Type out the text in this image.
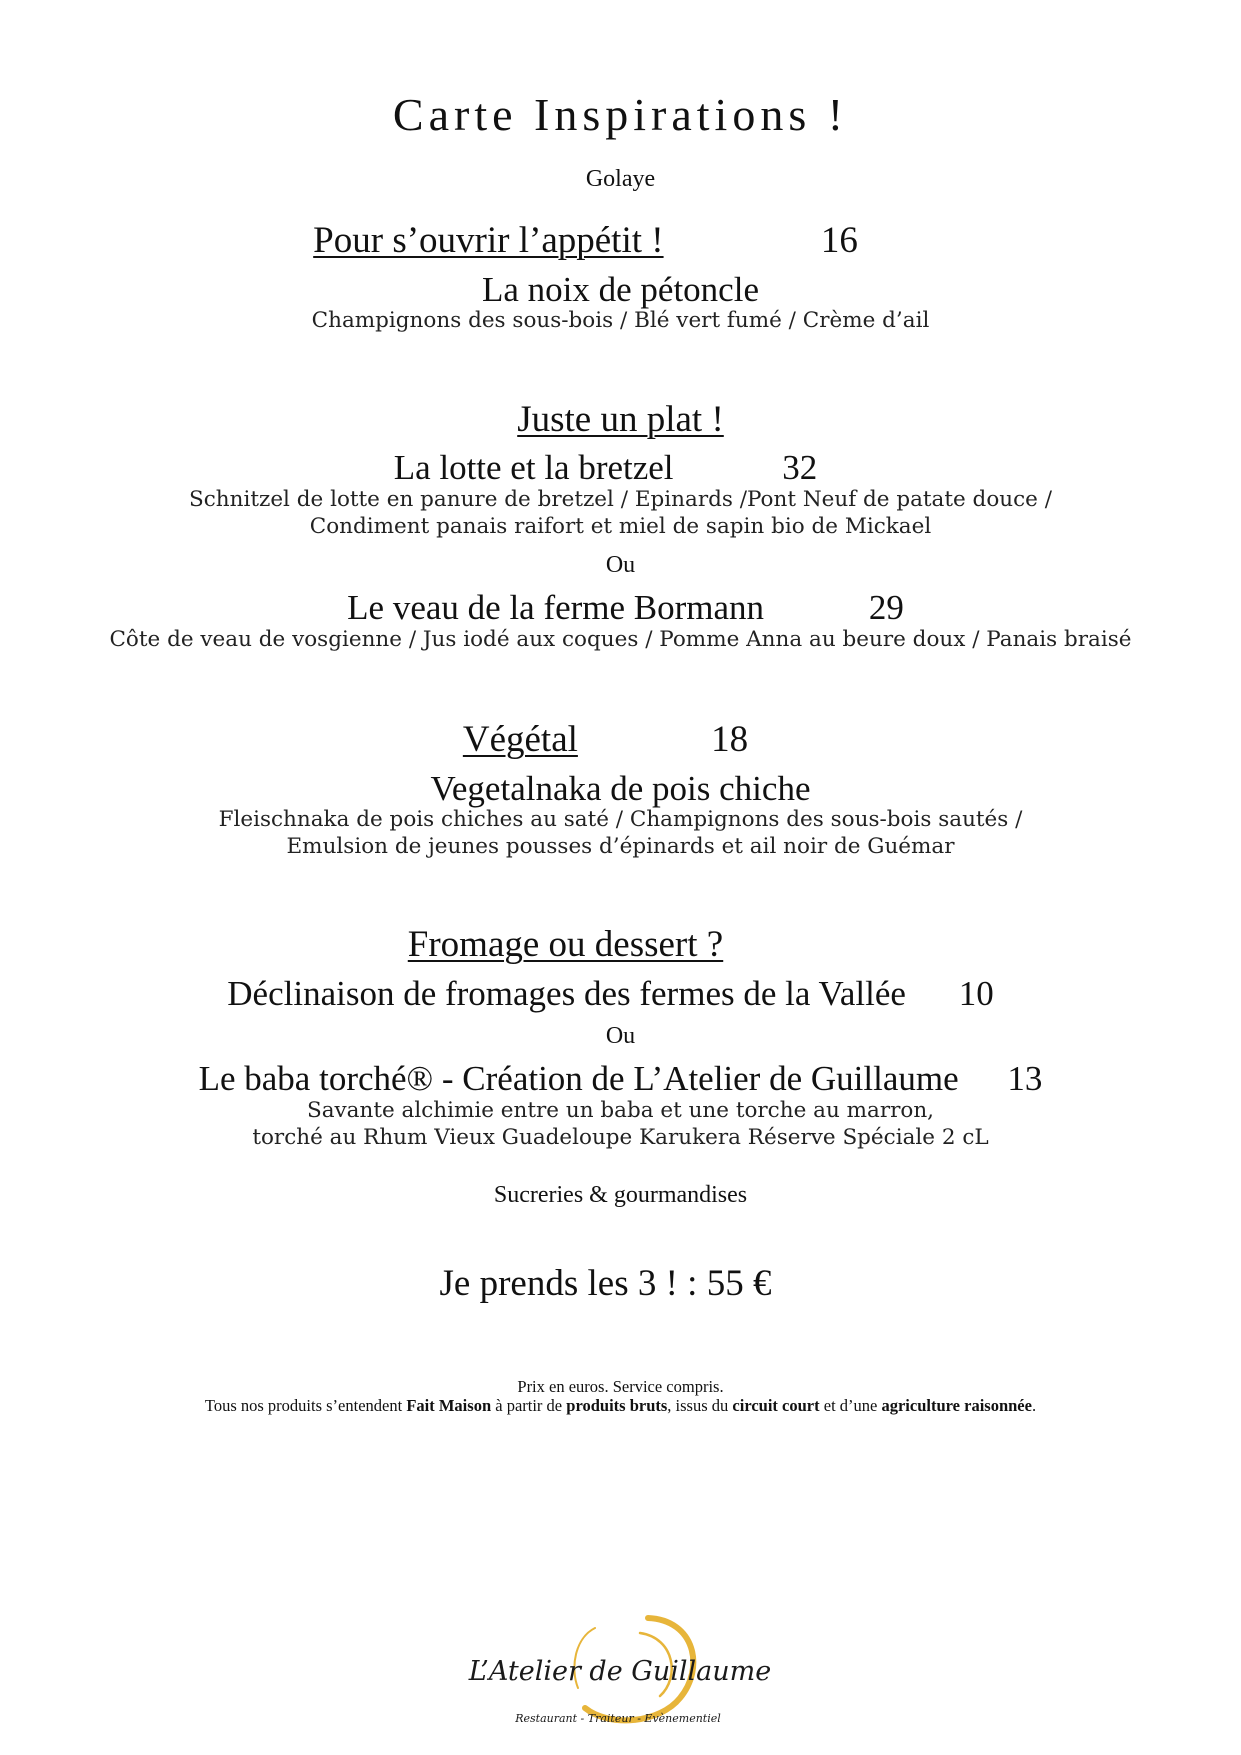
Carte Inspirations !
Golaye
Pour s’ouvrir l’appétit !	16
La noix de pétoncle
Champignons des sous-bois / Blé vert fumé / Crème d’ail
Juste un plat !
La lotte et la bretzel	32
Schnitzel de lotte en panure de bretzel / Epinards /Pont Neuf de patate douce /
Condiment panais raifort et miel de sapin bio de Mickael
Ou
Le veau de la ferme Bormann	29
Côte de veau de vosgienne / Jus iodé aux coques / Pomme Anna au beure doux / Panais braisé
Végétal	18
Vegetalnaka de pois chiche
Fleischnaka de pois chiches au saté / Champignons des sous-bois sautés /
Emulsion de jeunes pousses d’épinards et ail noir de Guémar
Fromage ou dessert ?
Déclinaison de fromages des fermes de la Vallée 10
Ou
Le baba torché® - Création de L’Atelier de Guillaume 13
Savante alchimie entre un baba et une torche au marron,
torché au Rhum Vieux Guadeloupe Karukera Réserve Spéciale 2 cL
Sucreries & gourmandises
Je prends les 3 ! : 55 €
Prix en euros. Service compris.
Tous nos produits s’entendent Fait Maison à partir de produits bruts, issus du circuit court et d’une agriculture raisonnée.
L’Atelier de Guillaume
Restaurant - Traiteur - Evènementiel
